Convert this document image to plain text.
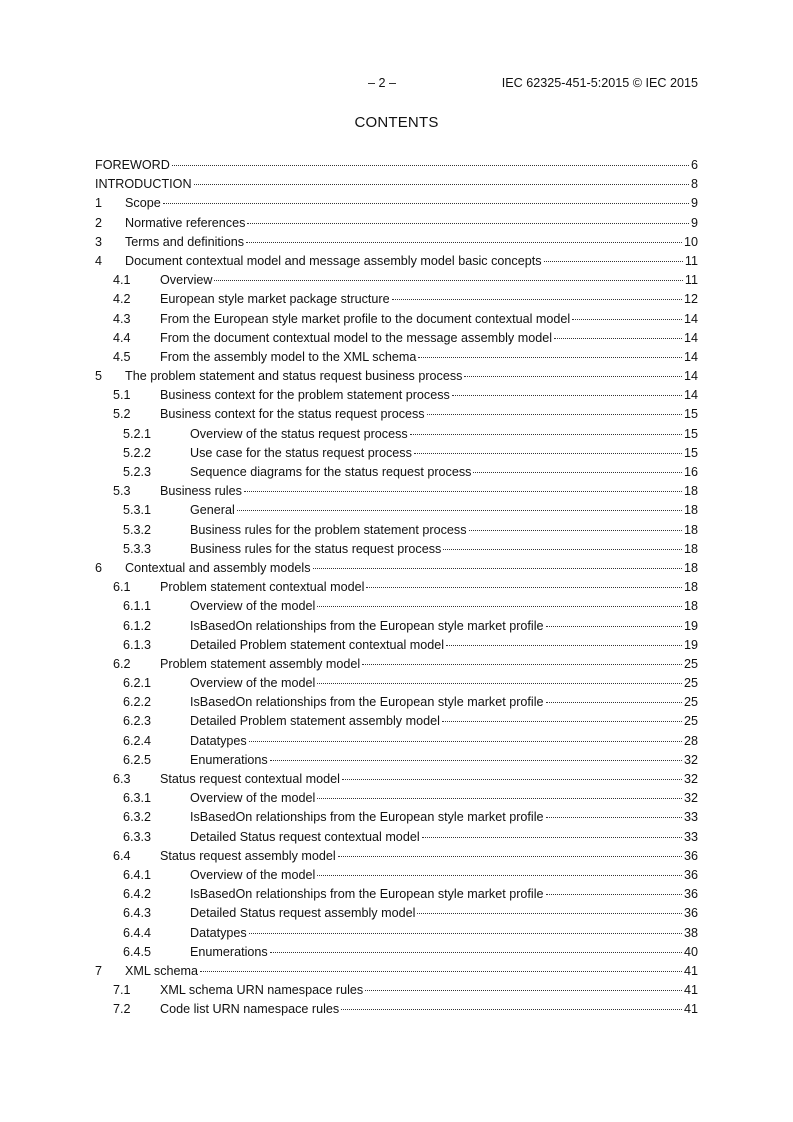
– 2 –	IEC 62325-451-5:2015 © IEC 2015
CONTENTS
FOREWORD	6
INTRODUCTION	8
1	Scope	9
2	Normative references	9
3	Terms and definitions	10
4	Document contextual model and message assembly model basic concepts	11
4.1	Overview	11
4.2	European style market package structure	12
4.3	From the European style market profile to the document contextual model	14
4.4	From the document contextual model to the message assembly model	14
4.5	From the assembly model to the XML schema	14
5	The problem statement and status request business process	14
5.1	Business context for the problem statement process	14
5.2	Business context for the status request process	15
5.2.1	Overview of the status request process	15
5.2.2	Use case for the status request process	15
5.2.3	Sequence diagrams for the status request process	16
5.3	Business rules	18
5.3.1	General	18
5.3.2	Business rules for the problem statement process	18
5.3.3	Business rules for the status request process	18
6	Contextual and assembly models	18
6.1	Problem statement contextual model	18
6.1.1	Overview of the model	18
6.1.2	IsBasedOn relationships from the European style market profile	19
6.1.3	Detailed Problem statement contextual model	19
6.2	Problem statement assembly model	25
6.2.1	Overview of the model	25
6.2.2	IsBasedOn relationships from the European style market profile	25
6.2.3	Detailed Problem statement assembly model	25
6.2.4	Datatypes	28
6.2.5	Enumerations	32
6.3	Status request contextual model	32
6.3.1	Overview of the model	32
6.3.2	IsBasedOn relationships from the European style market profile	33
6.3.3	Detailed Status request contextual model	33
6.4	Status request assembly model	36
6.4.1	Overview of the model	36
6.4.2	IsBasedOn relationships from the European style market profile	36
6.4.3	Detailed Status request assembly model	36
6.4.4	Datatypes	38
6.4.5	Enumerations	40
7	XML schema	41
7.1	XML schema URN namespace rules	41
7.2	Code list URN namespace rules	41
